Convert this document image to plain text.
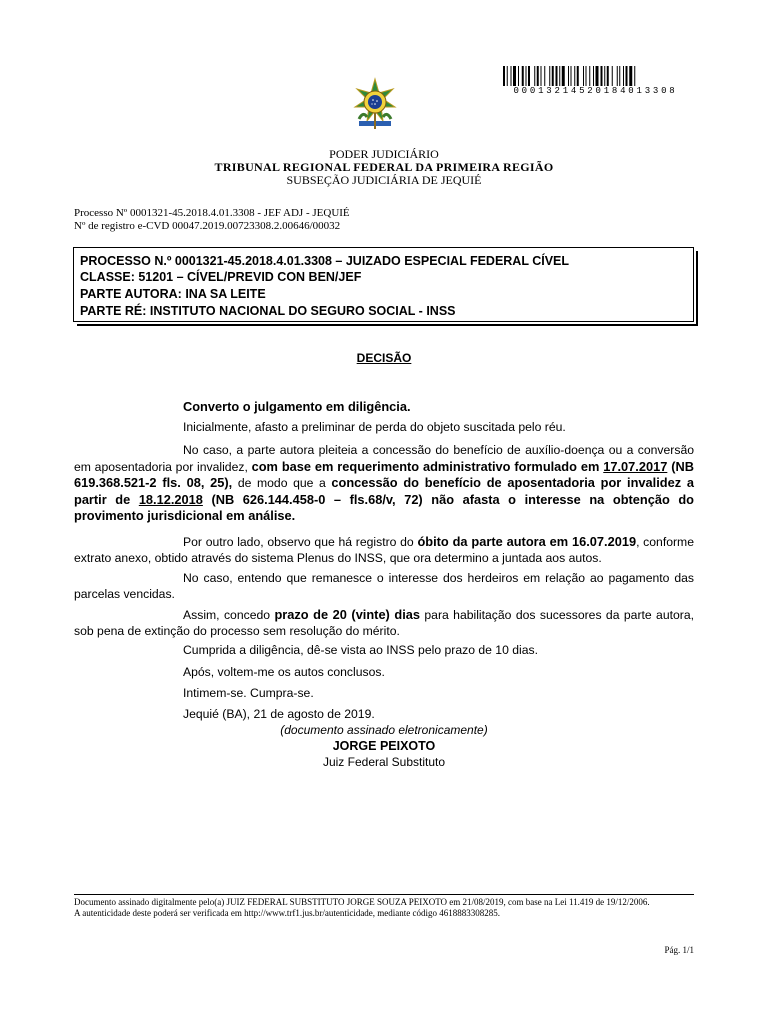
00013214520184013308
PODER JUDICIÁRIO
TRIBUNAL REGIONAL FEDERAL DA PRIMEIRA REGIÃO
SUBSEÇÃO JUDICIÁRIA DE JEQUIÉ
Processo Nº 0001321-45.2018.4.01.3308 - JEF ADJ - JEQUIÉ
Nº de registro e-CVD 00047.2019.00723308.2.00646/00032
PROCESSO N.º 0001321-45.2018.4.01.3308 – JUIZADO ESPECIAL FEDERAL CÍVEL
CLASSE: 51201 – CÍVEL/PREVID CON BEN/JEF
PARTE AUTORA: INA SA LEITE
PARTE RÉ: INSTITUTO NACIONAL DO SEGURO SOCIAL - INSS
DECISÃO
Converto o julgamento em diligência.
Inicialmente, afasto a preliminar de perda do objeto suscitada pelo réu.
No caso, a parte autora pleiteia a concessão do benefício de auxílio-doença ou a conversão em aposentadoria por invalidez, com base em requerimento administrativo formulado em 17.07.2017 (NB 619.368.521-2 fls. 08, 25), de modo que a concessão do benefício de aposentadoria por invalidez a partir de 18.12.2018 (NB 626.144.458-0 – fls.68/v, 72) não afasta o interesse na obtenção do provimento jurisdicional em análise.
Por outro lado, observo que há registro do óbito da parte autora em 16.07.2019, conforme extrato anexo, obtido através do sistema Plenus do INSS, que ora determino a juntada aos autos.
No caso, entendo que remanesce o interesse dos herdeiros em relação ao pagamento das parcelas vencidas.
Assim, concedo prazo de 20 (vinte) dias para habilitação dos sucessores da parte autora, sob pena de extinção do processo sem resolução do mérito.
Cumprida a diligência, dê-se vista ao INSS pelo prazo de 10 dias.
Após, voltem-me os autos conclusos.
Intimem-se. Cumpra-se.
Jequié (BA), 21 de agosto de 2019.
(documento assinado eletronicamente)
JORGE PEIXOTO
Juiz Federal Substituto
Documento assinado digitalmente pelo(a) JUIZ FEDERAL SUBSTITUTO JORGE SOUZA PEIXOTO em 21/08/2019, com base na Lei 11.419 de 19/12/2006.
A autenticidade deste poderá ser verificada em http://www.trf1.jus.br/autenticidade, mediante código 4618883308285.
Pág. 1/1
